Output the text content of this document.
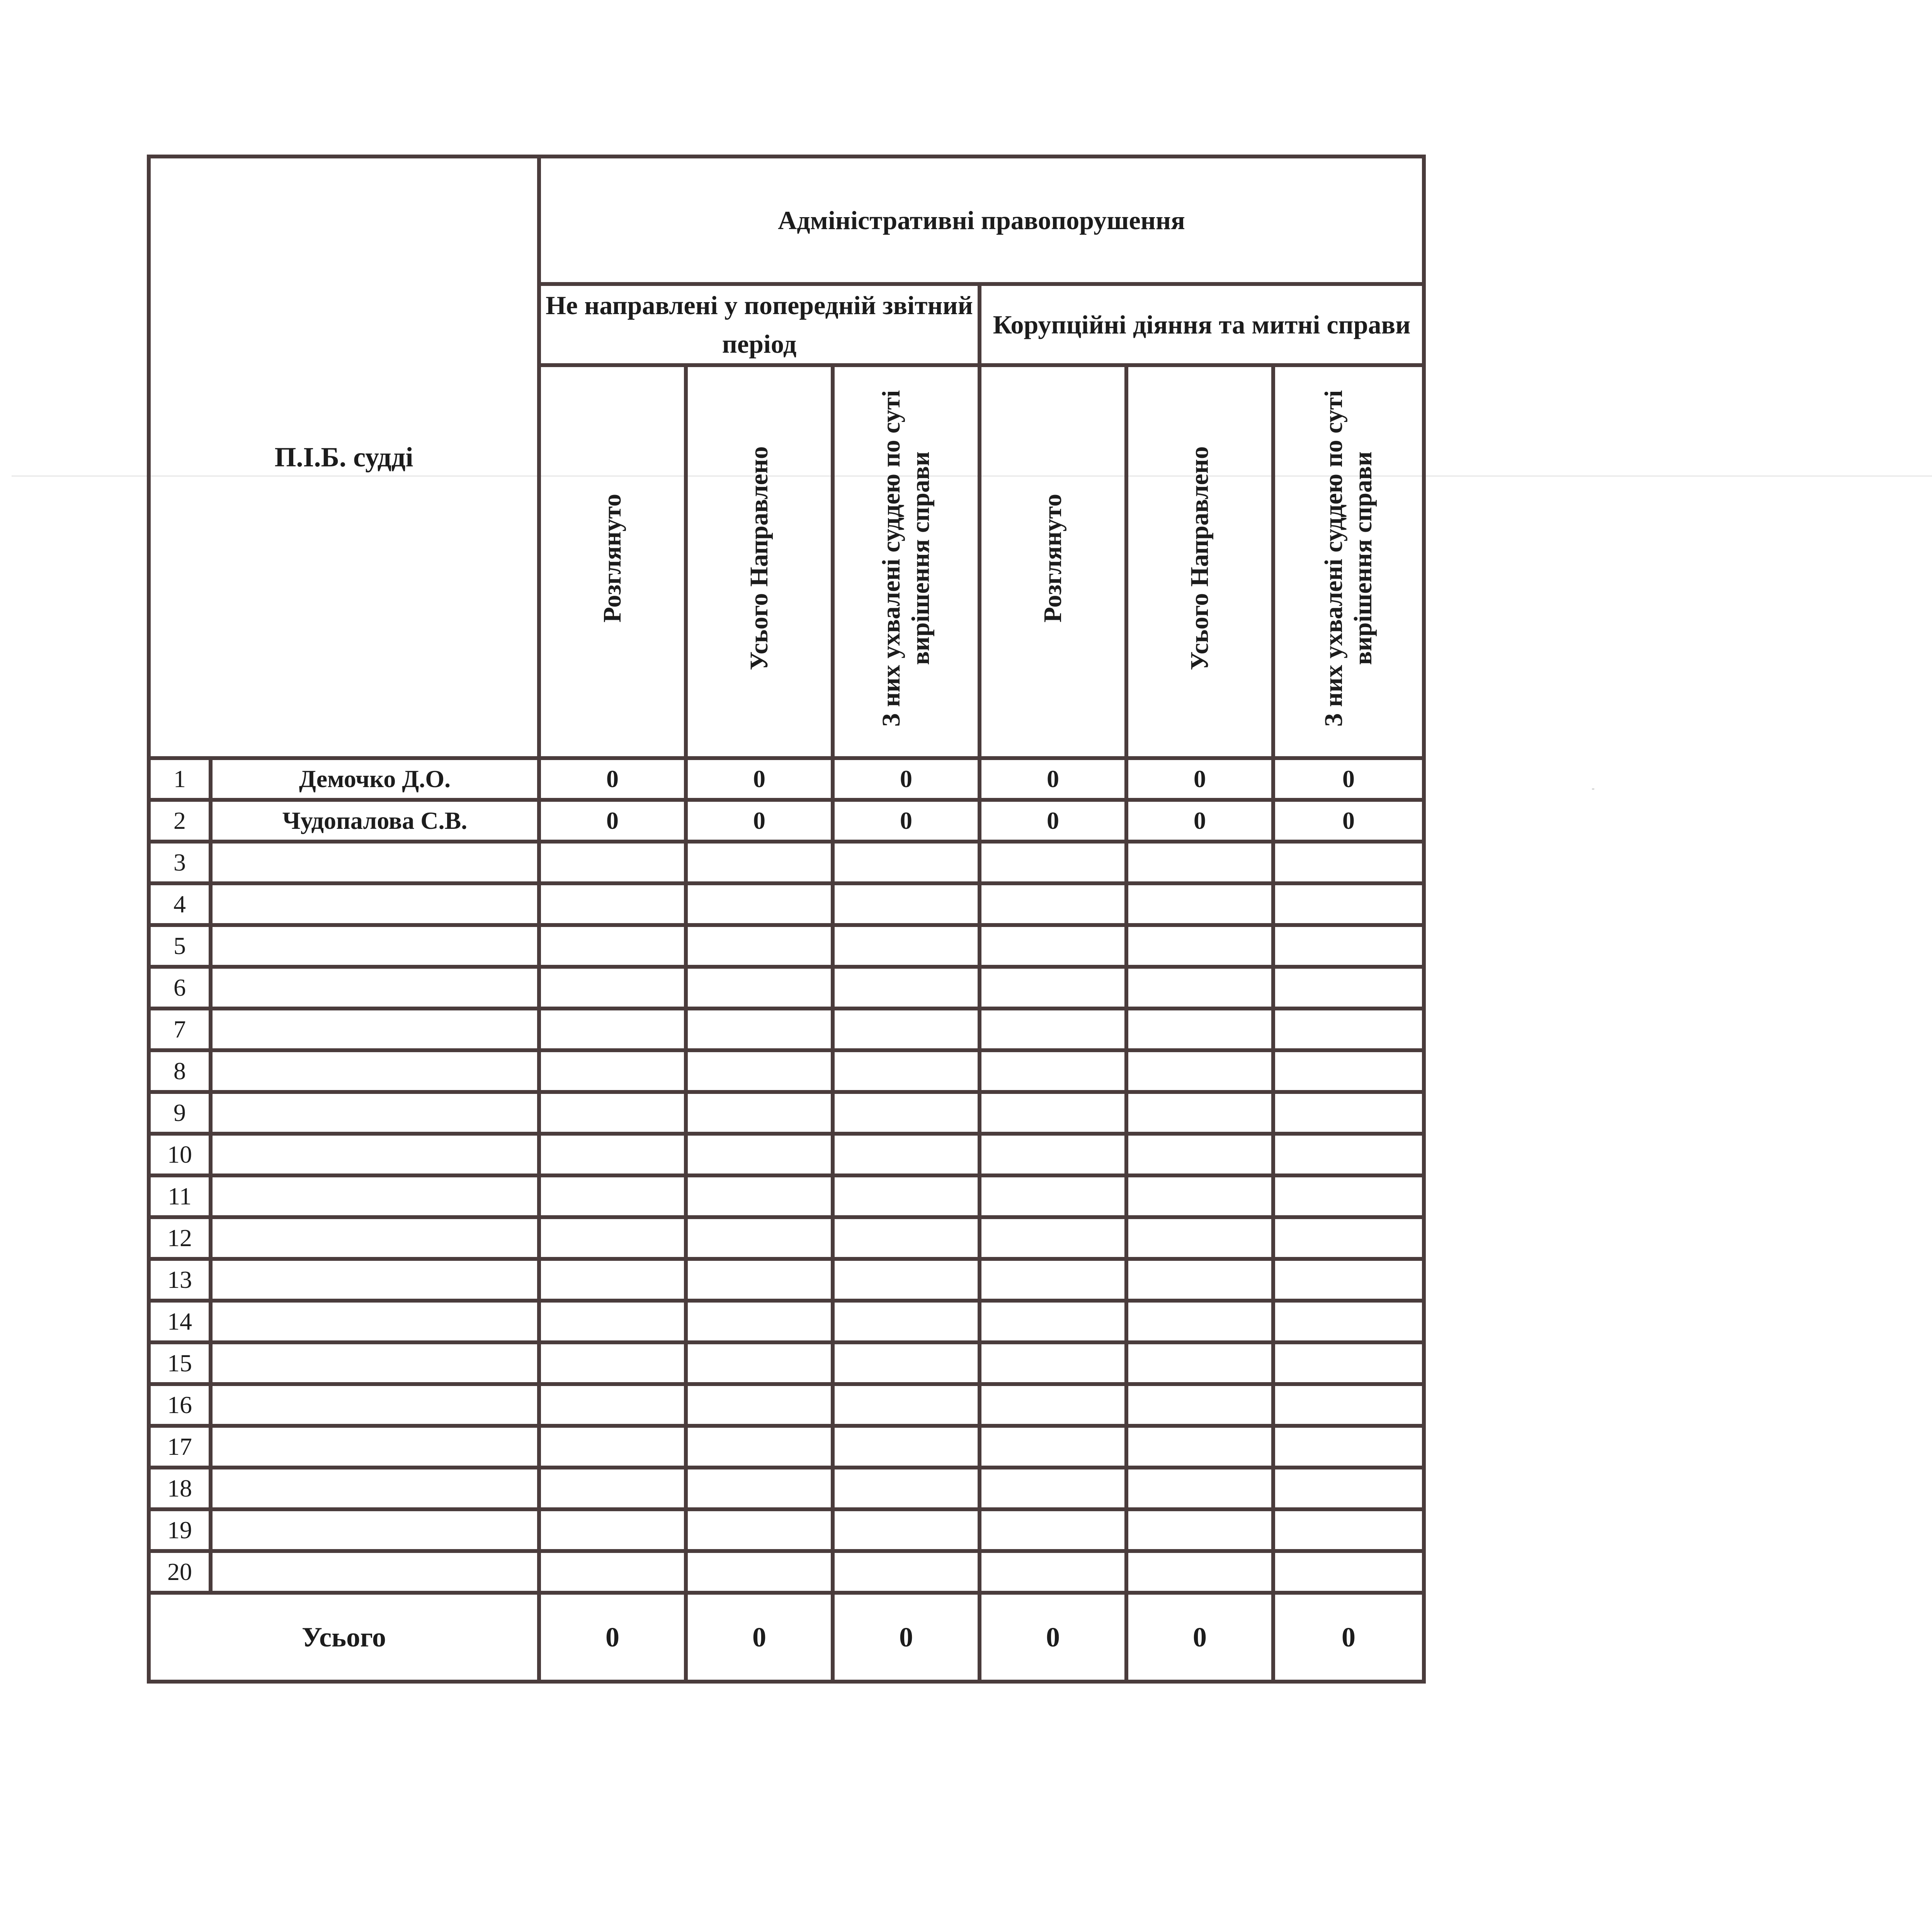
П.І.Б. судді		Адміністративні правопорушення					
		Не направлені у попередній звітний період			Корупційні діяння та митні справи		
		Розглянуто	Усього Направлено	З них ухвалені суддею по суті вирішення справи	Розглянуто	Усього Направлено	З них ухвалені суддею по суті вирішення справи
1	Демочко Д.О.	0	0	0	0	0	0
2	Чудопалова С.В.	0	0	0	0	0	0
3							
4							
5							
6							
7							
8							
9							
10							
11							
12							
13							
14							
15							
16							
17							
18							
19							
20							
Усього		0	0	0	0	0	0
